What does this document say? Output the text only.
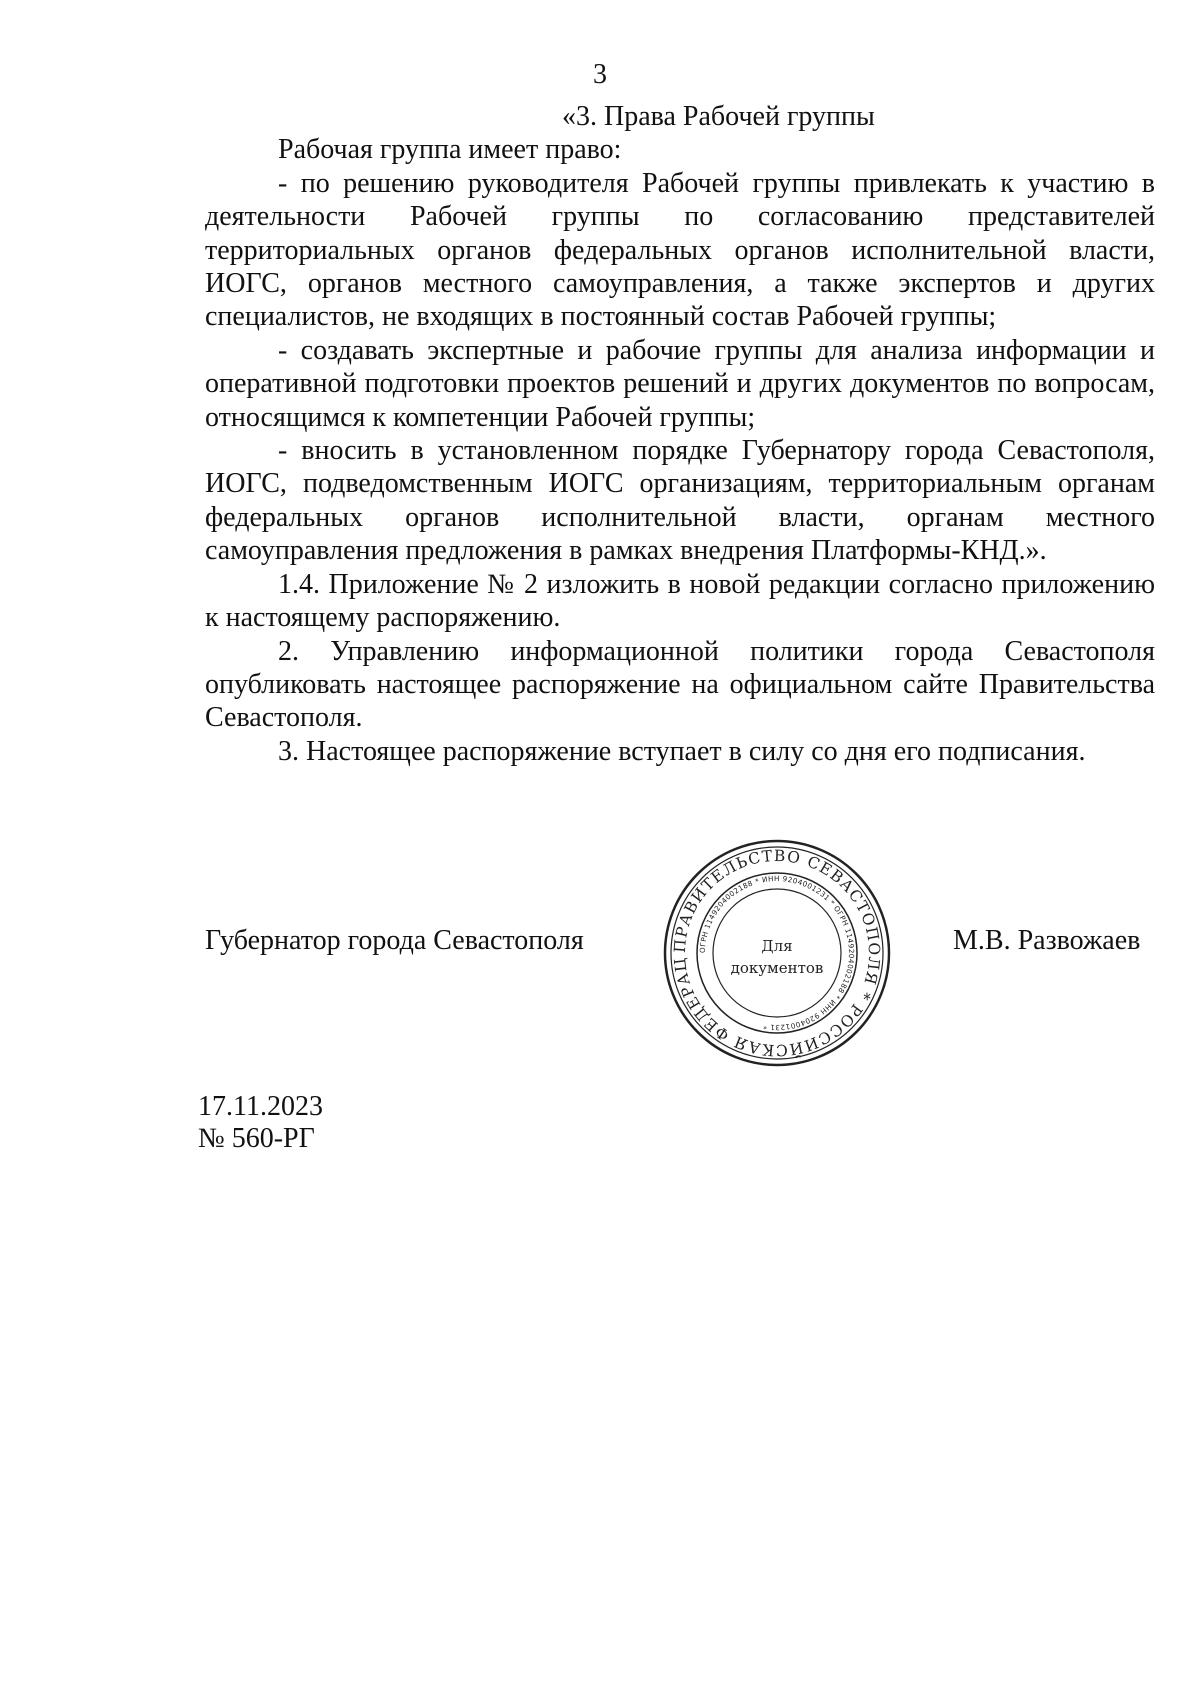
3

«3. Права Рабочей группы

Рабочая группа имеет право:

- по решению руководителя Рабочей группы привлекать к участию в деятельности Рабочей группы по согласованию представителей территориальных органов федеральных органов исполнительной власти, ИОГС, органов местного самоуправления, а также экспертов и других специалистов, не входящих в постоянный состав Рабочей группы;

- создавать экспертные и рабочие группы для анализа информации и оперативной подготовки проектов решений и других документов по вопросам, относящимся к компетенции Рабочей группы;

- вносить в установленном порядке Губернатору города Севастополя, ИОГС, подведомственным ИОГС организациям, территориальным органам федеральных органов исполнительной власти, органам местного самоуправления предложения в рамках внедрения Платформы-КНД.».

1.4. Приложение № 2 изложить в новой редакции согласно приложению к настоящему распоряжению.

2. Управлению информационной политики города Севастополя опубликовать настоящее распоряжение на официальном сайте Правительства Севастополя.

3. Настоящее распоряжение вступает в силу со дня его подписания.

Губернатор города Севастополя	ПРАВИТЕЛЬСТВО СЕВАСТОПОЛЯ * РОССИЙСКАЯ ФЕДЕРАЦ
ОГРН 1149204002188 * ИНН 9204001231 * ОГРН 1149204002188 * ИНН 9204001231 *
Для
документов
М.В. Развожаев
17.11.2023
№ 560-РГ
